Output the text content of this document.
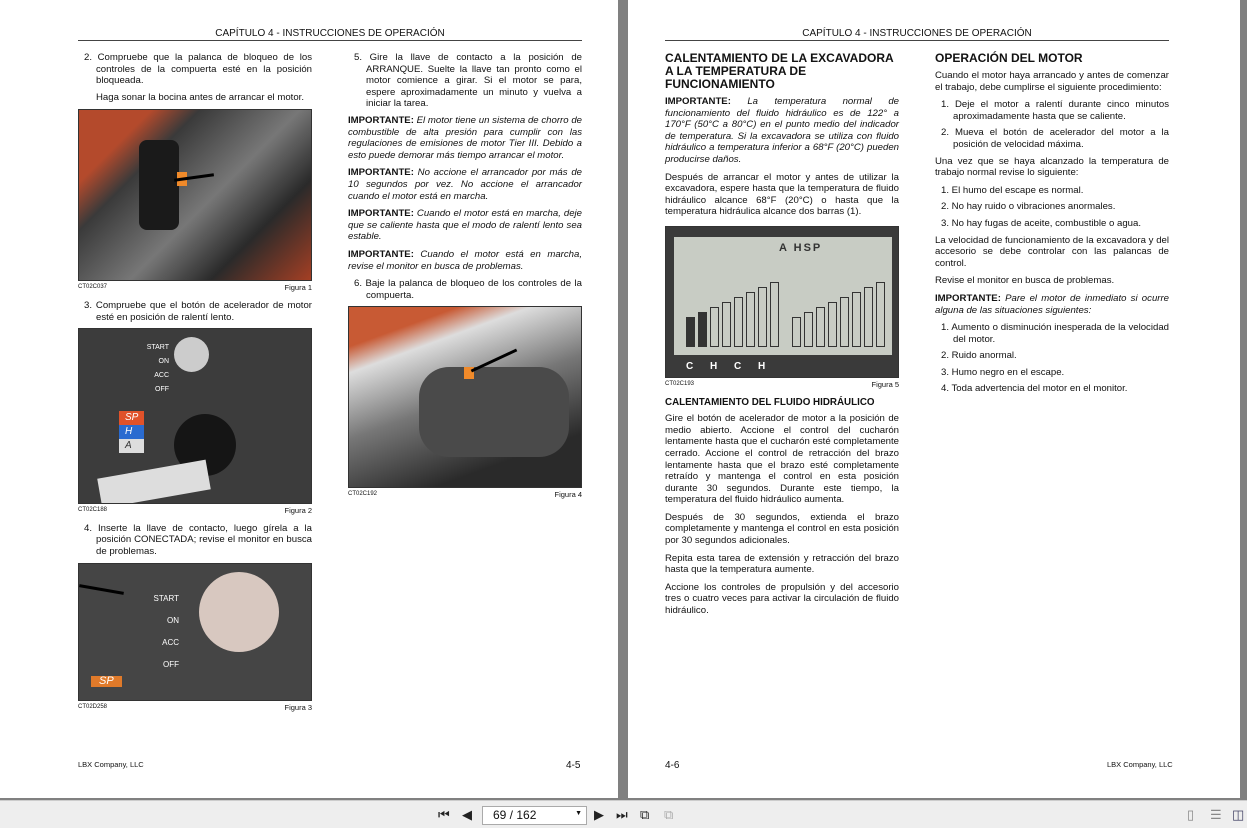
CAPÍTULO 4 - INSTRUCCIONES DE OPERACIÓN

2. Compruebe que la palanca de bloqueo de los controles de la compuerta esté en la posición bloqueada.

Haga sonar la bocina antes de arrancar el motor.

CT02C037	Figura 1

3. Compruebe que el botón de acelerador de motor esté en posición de ralentí lento.

START
ON
ACC
OFF
SP
H
A
CT02C188	Figura 2

4. Inserte la llave de contacto, luego gírela a la posición CONECTADA; revise el monitor en busca de problemas.

START
ON
ACC
OFF
SP
CT02D258	Figura 3

5. Gire la llave de contacto a la posición de ARRANQUE. Suelte la llave tan pronto como el motor comience a girar. Si el motor se para, espere aproximadamente un minuto y vuelva a iniciar la tarea.

IMPORTANTE: El motor tiene un sistema de chorro de combustible de alta presión para cumplir con las regulaciones de emisiones de motor Tier III. Debido a esto puede demorar más tiempo arrancar el motor.

IMPORTANTE: No accione el arrancador por más de 10 segundos por vez. No accione el arrancador cuando el motor está en marcha.

IMPORTANTE: Cuando el motor está en marcha, deje que se caliente hasta que el modo de ralentí lento sea estable.

IMPORTANTE: Cuando el motor está en marcha, revise el monitor en busca de problemas.

6. Baje la palanca de bloqueo de los controles de la compuerta.

CT02C192	Figura 4
LBX Company, LLC	4-5
CAPÍTULO 4 - INSTRUCCIONES DE OPERACIÓN
CALENTAMIENTO DE LA EXCAVADORA A LA TEMPERATURA DE FUNCIONAMIENTO

IMPORTANTE: La temperatura normal de funcionamiento del fluido hidráulico es de 122° a 170°F (50°C a 80°C) en el punto medio del indicador de temperatura. Si la excavadora se utiliza con fluido hidráulico a temperatura inferior a 68°F (20°C) pueden producirse daños.

Después de arrancar el motor y antes de utilizar la excavadora, espere hasta que la temperatura de fluido hidráulico alcance 68°F (20°C) o hasta que la temperatura hidráulica alcance dos barras (1).

A HSP
C H C H
CT02C193	Figura 5
CALENTAMIENTO DEL FLUIDO HIDRÁULICO

Gire el botón de acelerador de motor a la posición de medio abierto. Accione el control del cucharón lentamente hasta que el cucharón esté completamente cerrado. Accione el control de retracción del brazo lentamente hasta que el brazo esté completamente retraído y mantenga el control en esta posición durante 30 segundos. Durante este tiempo, la temperatura del fluido hidráulico aumenta.

Después de 30 segundos, extienda el brazo completamente y mantenga el control en esta posición por 30 segundos adicionales.

Repita esta tarea de extensión y retracción del brazo hasta que la temperatura aumente.

Accione los controles de propulsión y del accesorio tres o cuatro veces para activar la circulación de fluido hidráulico.

OPERACIÓN DEL MOTOR

Cuando el motor haya arrancado y antes de comenzar el trabajo, debe cumplirse el siguiente procedimiento:

1. Deje el motor a ralentí durante cinco minutos aproximadamente hasta que se caliente.

2. Mueva el botón de acelerador del motor a la posición de velocidad máxima.

Una vez que se haya alcanzado la temperatura de trabajo normal revise lo siguiente:

1. El humo del escape es normal.

2. No hay ruido o vibraciones anormales.

3. No hay fugas de aceite, combustible o agua.

La velocidad de funcionamiento de la excavadora y del accesorio se debe controlar con las palancas de control.

Revise el monitor en busca de problemas.

IMPORTANTE: Pare el motor de inmediato si ocurre alguna de las situaciones siguientes:

1. Aumento o disminución inesperada de la velocidad del motor.

2. Ruido anormal.

3. Humo negro en el escape.

4. Toda advertencia del motor en el monitor.

4-6	LBX Company, LLC
⏮ ◀	69 / 162	▼ ▶ ⏭ ⧉ ⧉	▯ ☰ ◫
